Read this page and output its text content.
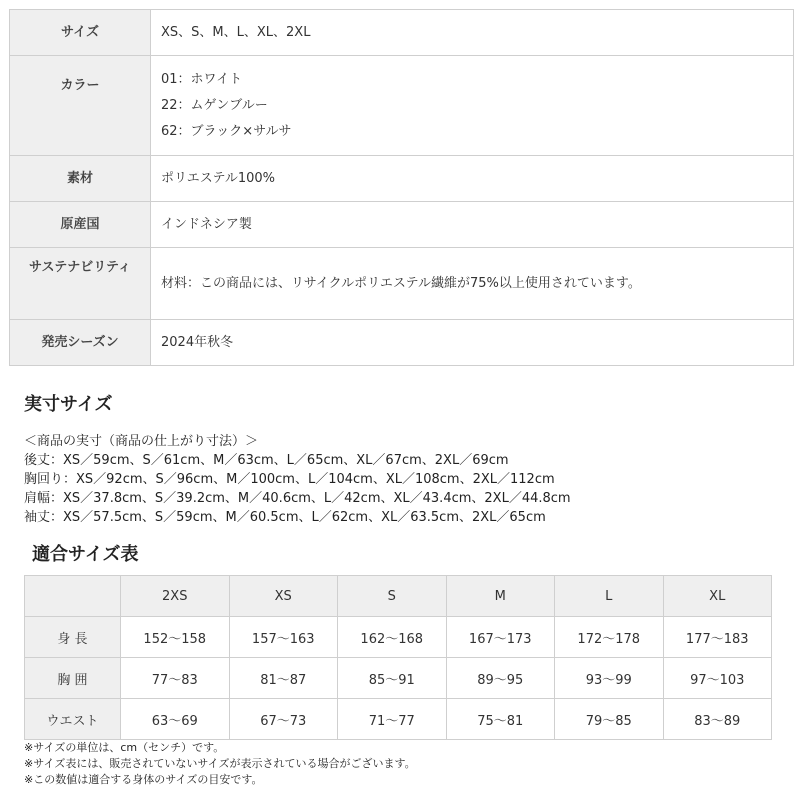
サイズ	XS、S、M、L、XL、2XL
カラー	01：ホワイト
22：ムゲンブルー
62：ブラック×サルサ

素材	ポリエステル100%
原産国	インドネシア製
サステナビリティ	材料：この商品には、リサイクルポリエステル繊維が75%以上使用されています。
発売シーズン	2024年秋冬
実寸サイズ
＜商品の実寸（商品の仕上がり寸法）＞
後丈：XS／59cm、S／61cm、M／63cm、L／65cm、XL／67cm、2XL／69cm
胸回り：XS／92cm、S／96cm、M／100cm、L／104cm、XL／108cm、2XL／112cm
肩幅：XS／37.8cm、S／39.2cm、M／40.6cm、L／42cm、XL／43.4cm、2XL／44.8cm
袖丈：XS／57.5cm、S／59cm、M／60.5cm、L／62cm、XL／63.5cm、2XL／65cm
適合サイズ表
	2XS	XS	S	M	L	XL
身 長	152〜158	157〜163	162〜168	167〜173	172〜178	177〜183
胸 囲	77〜83	81〜87	85〜91	89〜95	93〜99	97〜103
ウエスト	63〜69	67〜73	71〜77	75〜81	79〜85	83〜89
※サイズの単位は、cm（センチ）です。
※サイズ表には、販売されていないサイズが表示されている場合がございます。
※この数値は適合する身体のサイズの目安です。
